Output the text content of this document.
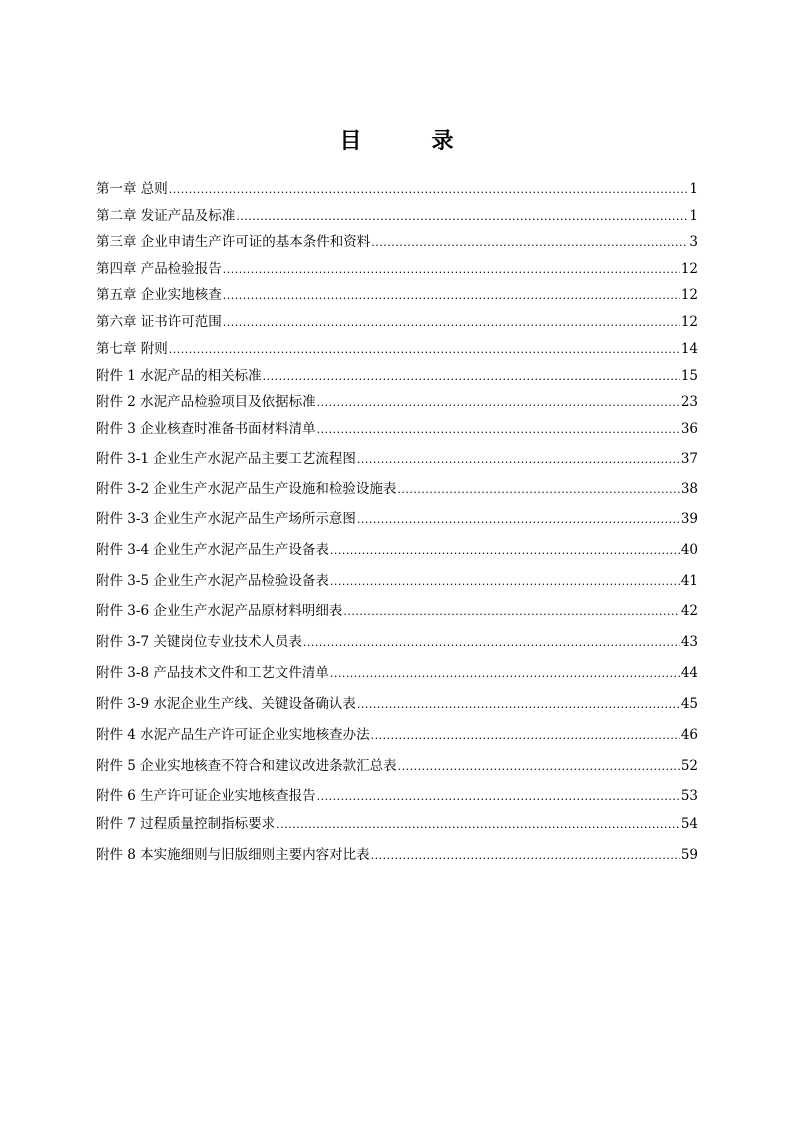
目　录
第一章 总则 .....	1
第二章 发证产品及标准 .....	1
第三章 企业申请生产许可证的基本条件和资料 .....	3
第四章 产品检验报告 .....	12
第五章 企业实地核查 .....	12
第六章 证书许可范围 .....	12
第七章 附则 .....	14
附件 1 水泥产品的相关标准 .....	15
附件 2 水泥产品检验项目及依据标准 .....	23
附件 3 企业核查时准备书面材料清单 .....	36
附件 3-1 企业生产水泥产品主要工艺流程图 .....	37
附件 3-2 企业生产水泥产品生产设施和检验设施表 .....	38
附件 3-3 企业生产水泥产品生产场所示意图 .....	39
附件 3-4 企业生产水泥产品生产设备表 .....	40
附件 3-5 企业生产水泥产品检验设备表 .....	41
附件 3-6 企业生产水泥产品原材料明细表 .....	42
附件 3-7 关键岗位专业技术人员表 .....	43
附件 3-8 产品技术文件和工艺文件清单 .....	44
附件 3-9 水泥企业生产线、关键设备确认表 .....	45
附件 4 水泥产品生产许可证企业实地核查办法 .....	46
附件 5 企业实地核查不符合和建议改进条款汇总表 .....	52
附件 6 生产许可证企业实地核查报告 .....	53
附件 7 过程质量控制指标要求 .....	54
附件 8 本实施细则与旧版细则主要内容对比表 .....	59
